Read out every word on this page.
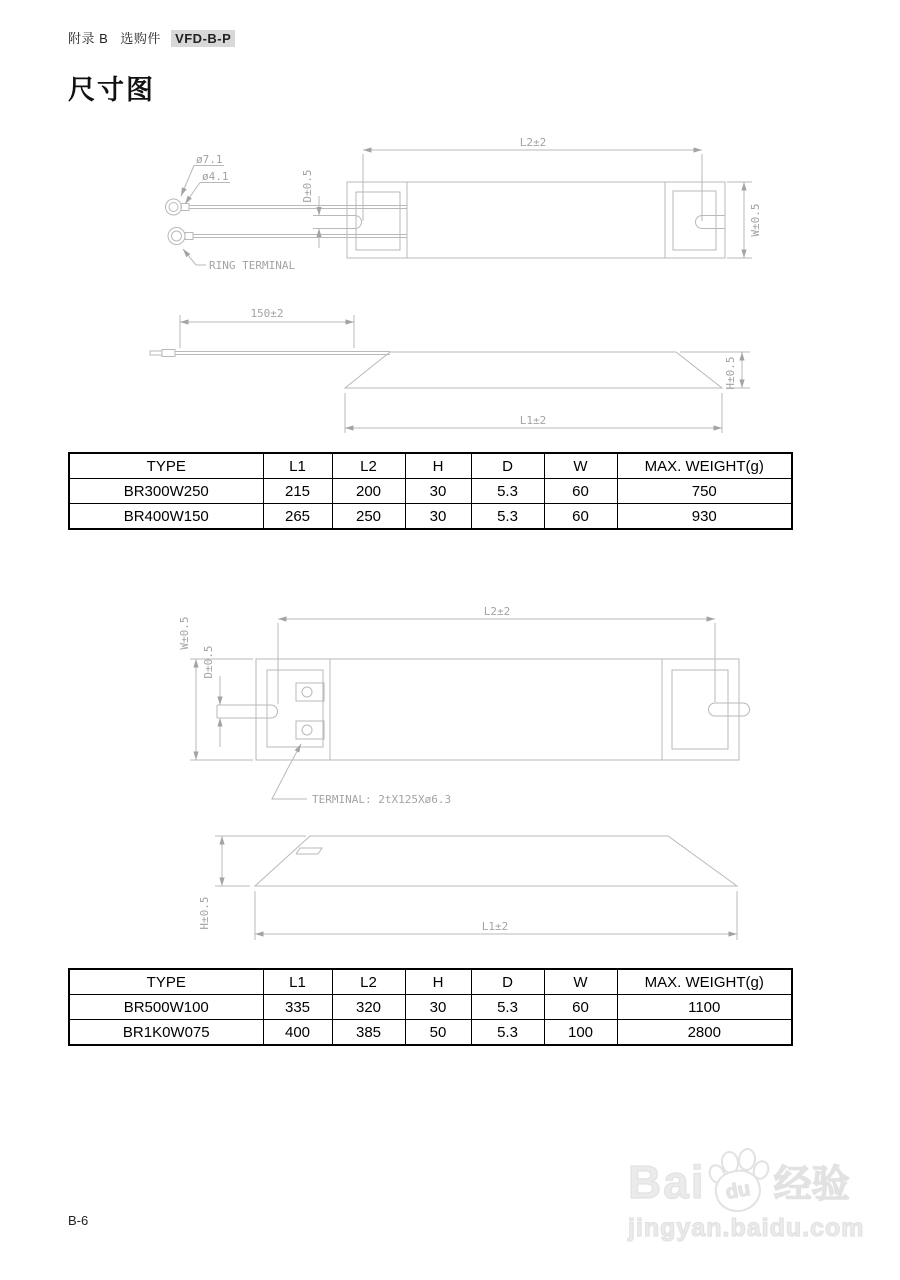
附录 B 选购件 VFD-B-P
尺寸图
ø7.1
ø4.1
RING TERMINAL
L2±2
D±0.5
W±0.5
150±2
H±0.5
L1±2
TYPE	L1	L2	H	D	W	MAX. WEIGHT(g)
BR300W250	215	200	30	5.3	60	750
BR400W150	265	250	30	5.3	60	930
L2±2
W±0.5
D±0.5
TERMINAL: 2tX125Xø6.3
H±0.5	L1±2
TYPE	L1	L2	H	D	W	MAX. WEIGHT(g)
BR500W100	335	320	30	5.3	60	1100
BR1K0W075	400	385	50	5.3	100	2800
Bai du 经验
jingyan.baidu.com
B-6
